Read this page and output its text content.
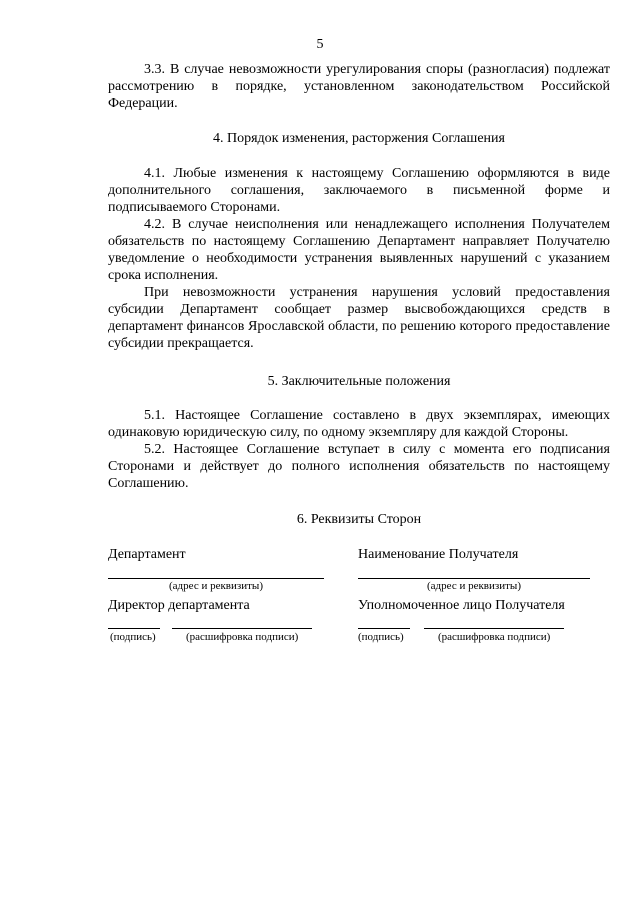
5

3.3. В случае невозможности урегулирования споры (разногласия) подлежат рассмотрению в порядке, установленном законодательством Российской Федерации.

4. Порядок изменения, расторжения Соглашения

4.1. Любые изменения к настоящему Соглашению оформляются в виде дополнительного соглашения, заключаемого в письменной форме и подписываемого Сторонами.

4.2. В случае неисполнения или ненадлежащего исполнения Получателем обязательств по настоящему Соглашению Департамент направляет Получателю уведомление о необходимости устранения выявленных нарушений с указанием срока исполнения.

При невозможности устранения нарушения условий предоставления субсидии Департамент сообщает размер высвобождающихся средств в департамент финансов Ярославской области, по решению которого предоставление субсидии прекращается.

5. Заключительные положения

5.1. Настоящее Соглашение составлено в двух экземплярах, имеющих одинаковую юридическую силу, по одному экземпляру для каждой Стороны.

5.2. Настоящее Соглашение вступает в силу с момента его подписания Сторонами и действует до полного исполнения обязательств по настоящему Соглашению.

6. Реквизиты Сторон

Департамент
(адрес и реквизиты)
Директор департамента
(подпись)	(расшифровка подписи)
Наименование Получателя
(адрес и реквизиты)
Уполномоченное лицо Получателя
(подпись)	(расшифровка подписи)
